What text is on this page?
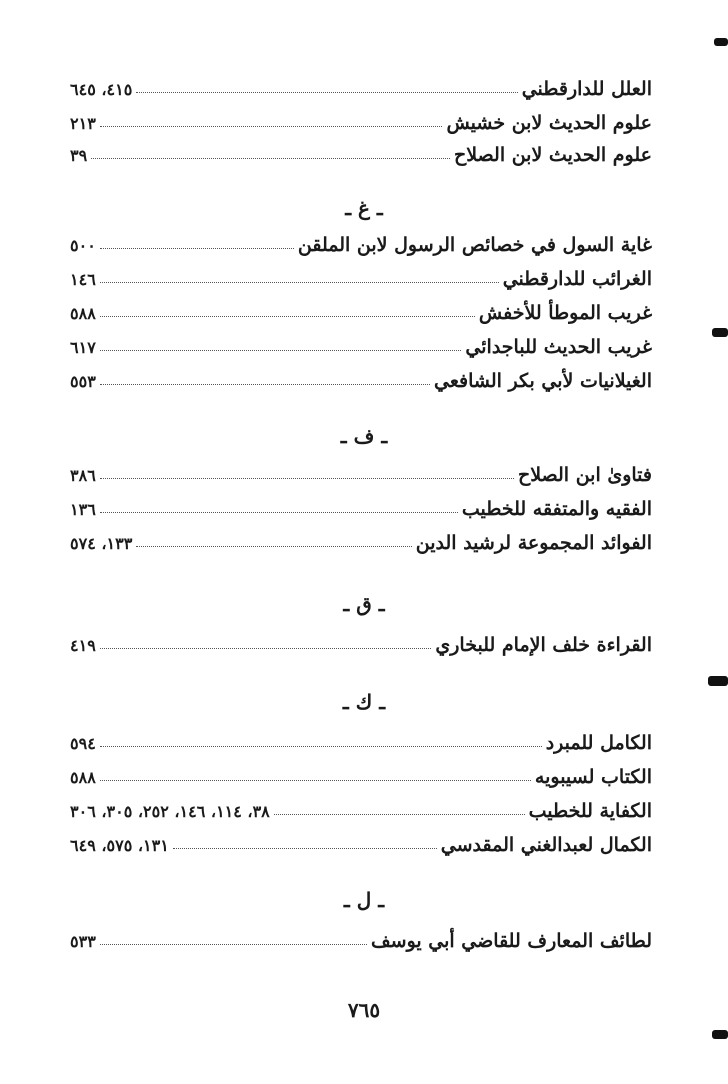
العلل للدارقطني
٤١٥، ٦٤٥
علوم الحديث لابن خشيش
٢١٣
علوم الحديث لابن الصلاح
٣٩
ـ غ ـ
غاية السول في خصائص الرسول لابن الملقن
٥٠٠
الغرائب للدارقطني
١٤٦
غريب الموطأ للأخفش
٥٨٨
غريب الحديث للباجدائي
٦١٧
الغيلانيات لأبي بكر الشافعي
٥٥٣
ـ ف ـ
فتاوىٰ ابن الصلاح
٣٨٦
الفقيه والمتفقه للخطيب
١٣٦
الفوائد المجموعة لرشيد الدين
١٣٣، ٥٧٤
ـ ق ـ
القراءة خلف الإمام للبخاري
٤١٩
ـ ك ـ
الكامل للمبرد
٥٩٤
الكتاب لسيبويه
٥٨٨
الكفاية للخطيب
٣٨، ١١٤، ١٤٦، ٢٥٢، ٣٠٥، ٣٠٦
الكمال لعبدالغني المقدسي
١٣١، ٥٧٥، ٦٤٩
ـ ل ـ
لطائف المعارف للقاضي أبي يوسف
٥٣٣
٧٦٥
